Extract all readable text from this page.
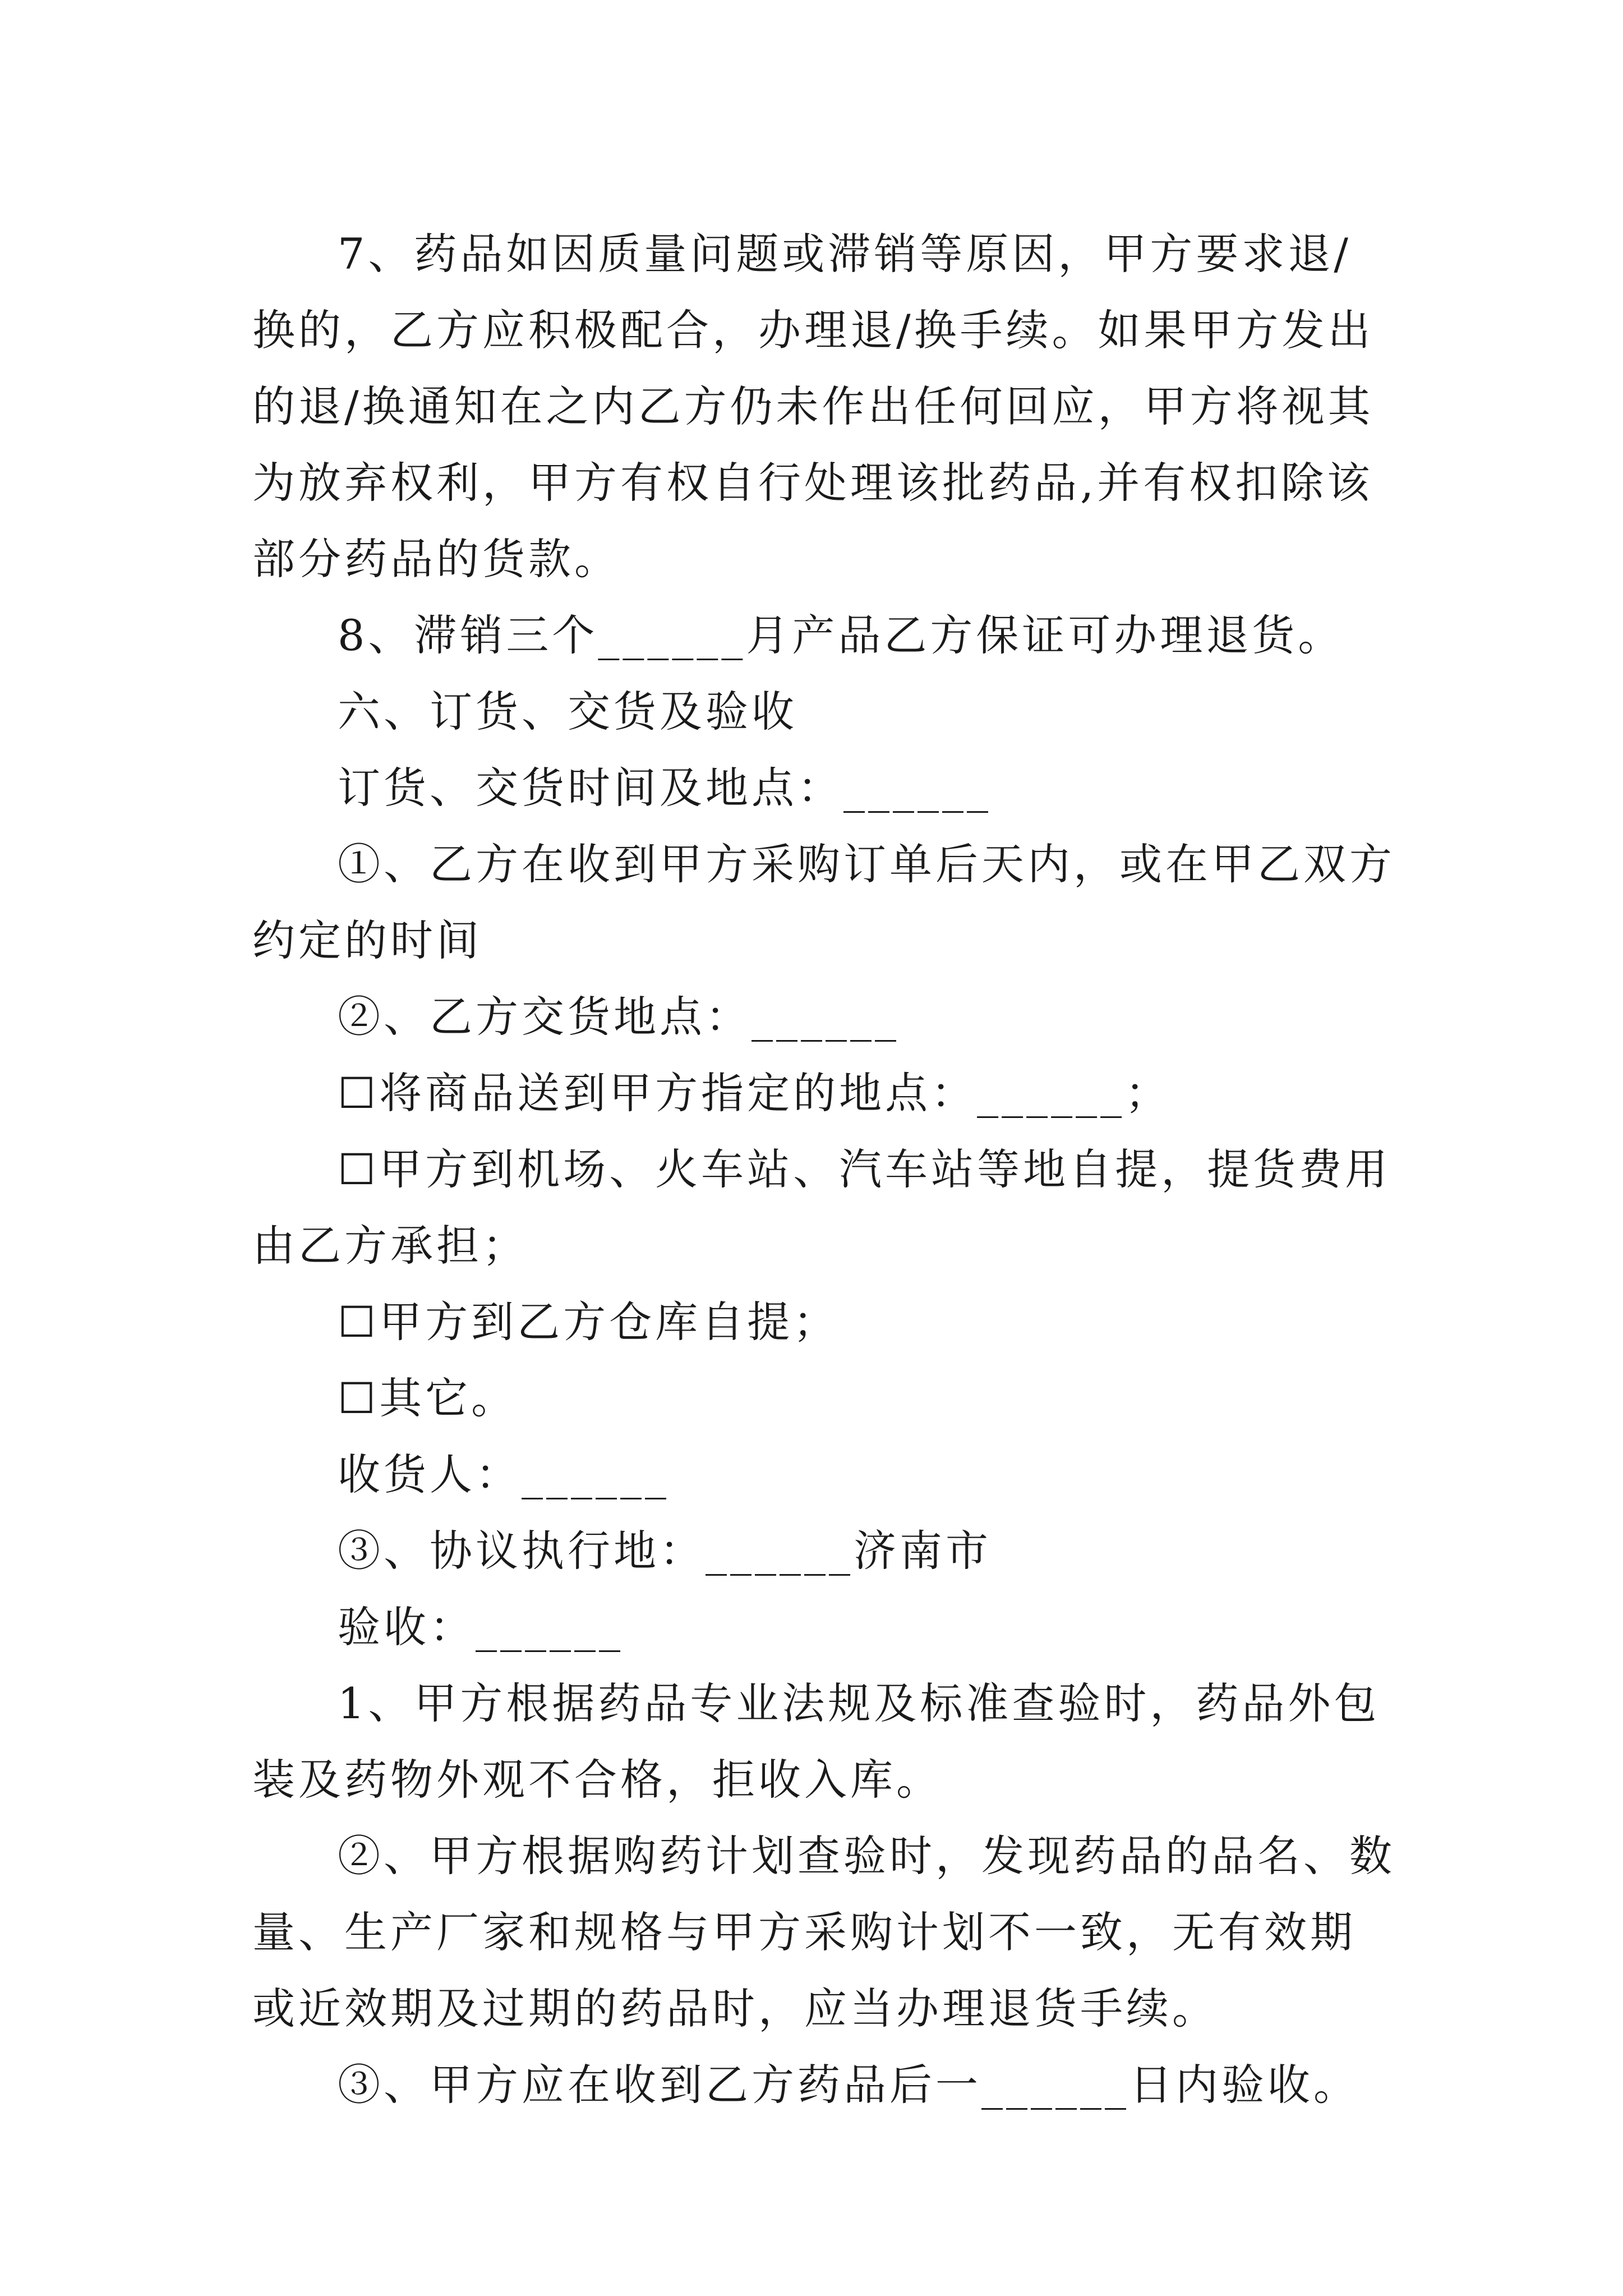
7、药品如因质量问题或滞销等原因，甲方要求退/换的，乙方应积极配合，办理退/换手续。如果甲方发出的退/换通知在之内乙方仍未作出任何回应，甲方将视其为放弃权利，甲方有权自行处理该批药品,并有权扣除该部分药品的货款。

8、滞销三个______月产品乙方保证可办理退货。

六、订货、交货及验收

订货、交货时间及地点：______

①、乙方在收到甲方采购订单后天内，或在甲乙双方约定的时间

②、乙方交货地点：______

☐将商品送到甲方指定的地点：______；

☐甲方到机场、火车站、汽车站等地自提，提货费用由乙方承担；

☐甲方到乙方仓库自提；

☐其它。

收货人：______

③、协议执行地：______济南市

验收：______

1、甲方根据药品专业法规及标准查验时，药品外包装及药物外观不合格，拒收入库。

②、甲方根据购药计划查验时，发现药品的品名、数量、生产厂家和规格与甲方采购计划不一致，无有效期或近效期及过期的药品时，应当办理退货手续。

③、甲方应在收到乙方药品后一______日内验收。
